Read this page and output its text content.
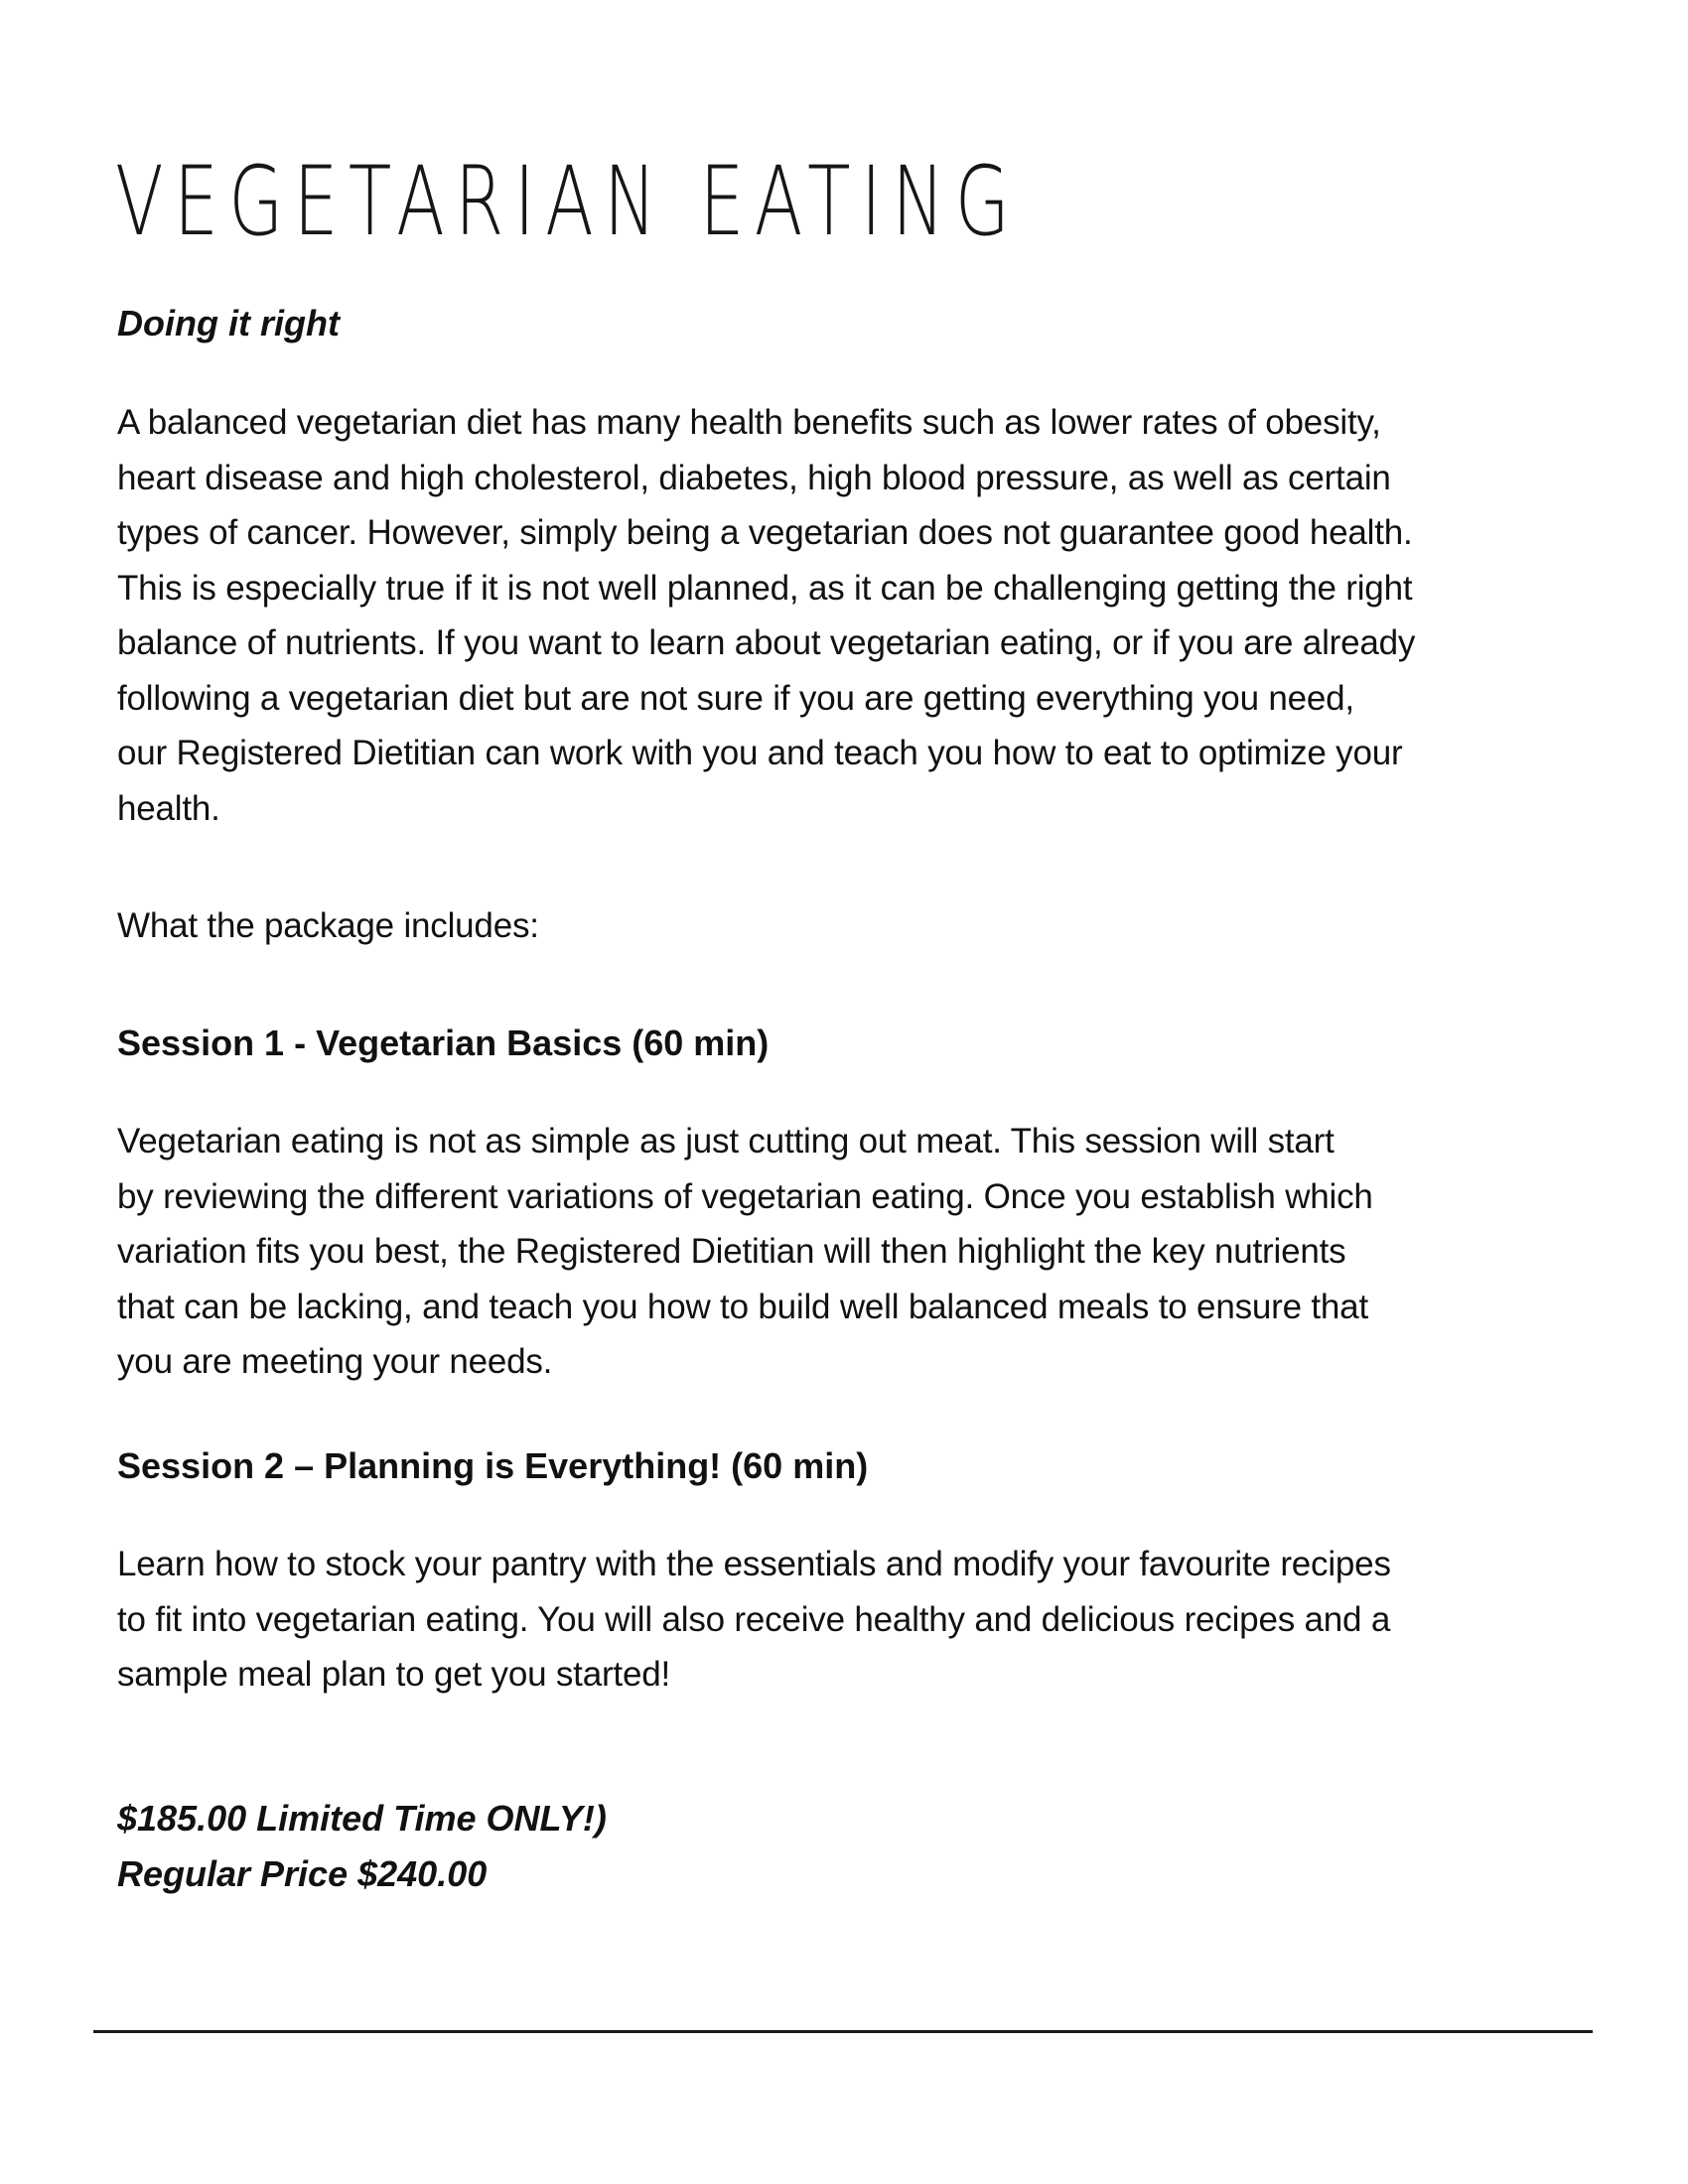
VEGETARIAN EATING
Doing it right

A balanced vegetarian diet has many health benefits such as lower rates of obesity,
heart disease and high cholesterol, diabetes, high blood pressure, as well as certain
types of cancer. However, simply being a vegetarian does not guarantee good health.
This is especially true if it is not well planned, as it can be challenging getting the right
balance of nutrients. If you want to learn about vegetarian eating, or if you are already
following a vegetarian diet but are not sure if you are getting everything you need,
our Registered Dietitian can work with you and teach you how to eat to optimize your
health.

What the package includes:

Session 1 - Vegetarian Basics (60 min)

Vegetarian eating is not as simple as just cutting out meat. This session will start
by reviewing the different variations of vegetarian eating. Once you establish which
variation fits you best, the Registered Dietitian will then highlight the key nutrients
that can be lacking, and teach you how to build well balanced meals to ensure that
you are meeting your needs.

Session 2 – Planning is Everything! (60 min)

Learn how to stock your pantry with the essentials and modify your favourite recipes
to fit into vegetarian eating. You will also receive healthy and delicious recipes and a
sample meal plan to get you started!

$185.00 Limited Time ONLY!)

Regular Price $240.00
